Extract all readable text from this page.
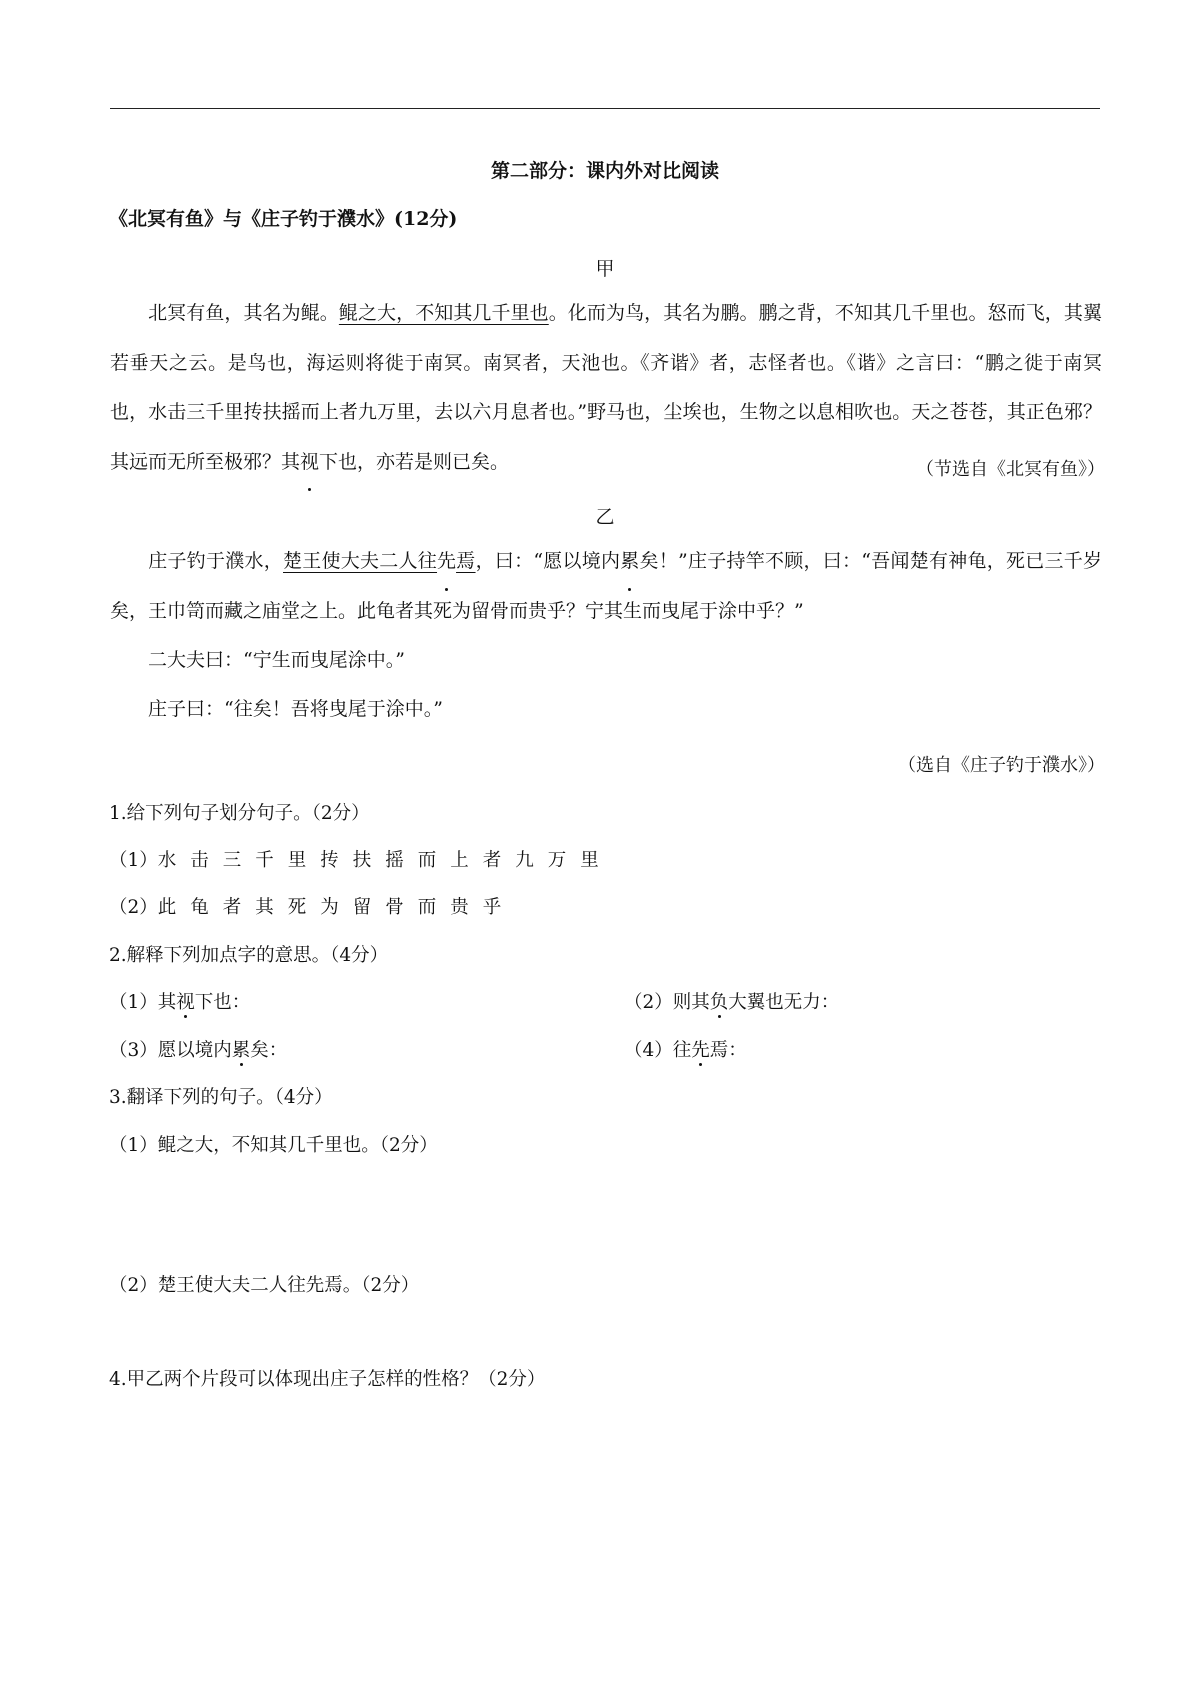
第二部分：课内外对比阅读
《北冥有鱼》与《庄子钓于濮水》(12分)
甲

北冥有鱼，其名为鲲。鲲之大，不知其几千里也。化而为鸟，其名为鹏。鹏之背，不知其几千里也。怒而飞，其翼若垂天之云。是鸟也，海运则将徙于南冥。南冥者，天池也。《齐谐》者，志怪者也。《谐》之言曰：“鹏之徙于南冥也，水击三千里抟扶摇而上者九万里，去以六月息者也。”野马也，尘埃也，生物之以息相吹也。天之苍苍，其正色邪？其远而无所至极邪？其视下也，亦若是则已矣。	（节选自《北冥有鱼》）
乙

庄子钓于濮水，楚王使大夫二人往先焉，曰：“愿以境内累矣！”庄子持竿不顾，曰：“吾闻楚有神龟，死已三千岁矣，王巾笥而藏之庙堂之上。此龟者其死为留骨而贵乎？宁其生而曳尾于涂中乎？”

二大夫曰：“宁生而曳尾涂中。”

庄子曰：“往矣！吾将曳尾于涂中。”

（选自《庄子钓于濮水》）
1.给下列句子划分句子。（2分）
（1）水击三千里抟扶摇而上者九万里
（2）此龟者其死为留骨而贵乎
2.解释下列加点字的意思。（4分）
（1）其视下也：	（2）则其负大翼也无力：
（3）愿以境内累矣：	（4）往先焉：
3.翻译下列的句子。（4分）
（1）鲲之大，不知其几千里也。（2分）
（2）楚王使大夫二人往先焉。（2分）
4.甲乙两个片段可以体现出庄子怎样的性格？（2分）
